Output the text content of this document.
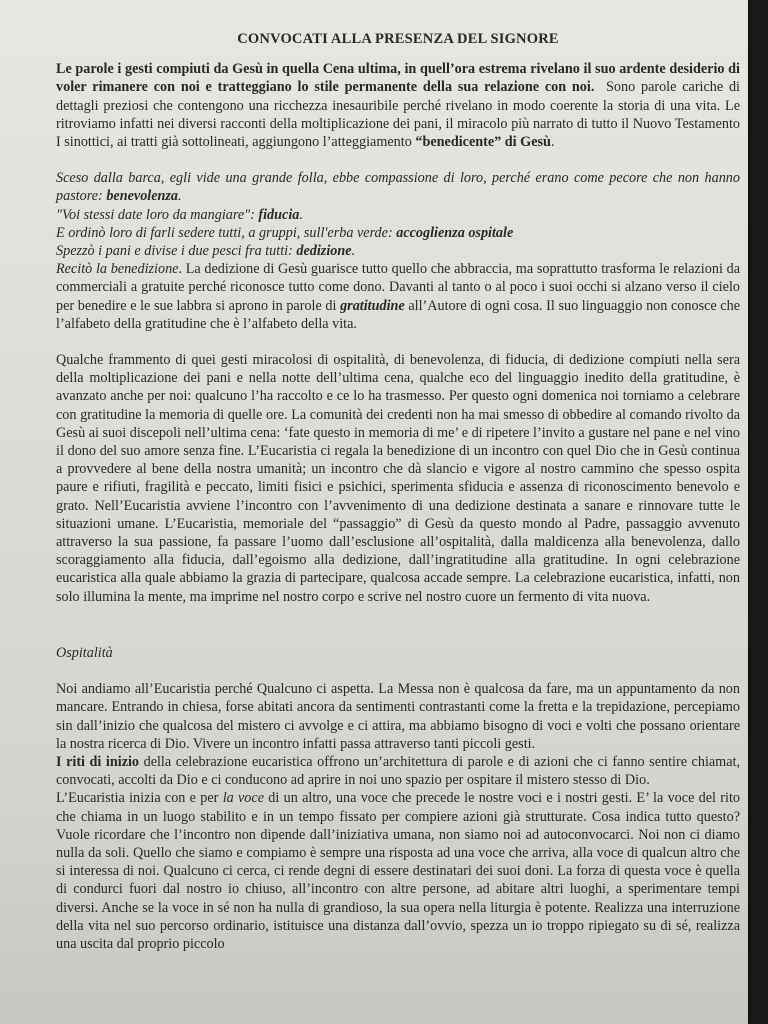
CONVOCATI ALLA PRESENZA DEL SIGNORE

Le parole i gesti compiuti da Gesù in quella Cena ultima, in quell’ora estrema rivelano il suo ardente desiderio di voler rimanere con noi e tratteggiano lo stile permanente della sua relazione con noi. Sono parole cariche di dettagli preziosi che contengono una ricchezza inesauribile perché rivelano in modo coerente la storia di una vita. Le ritroviamo infatti nei diversi racconti della moltiplicazione dei pani, il miracolo più narrato di tutto il Nuovo Testamento I sinottici, ai tratti già sottolineati, aggiungono l’atteggiamento “benedicente” di Gesù.

Sceso dalla barca, egli vide una grande folla, ebbe compassione di loro, perché erano come pecore che non hanno pastore: benevolenza.

"Voi stessi date loro da mangiare": fiducia.

E ordinò loro di farli sedere tutti, a gruppi, sull'erba verde: accoglienza ospitale

Spezzò i pani e divise i due pesci fra tutti: dedizione.

Recitò la benedizione. La dedizione di Gesù guarisce tutto quello che abbraccia, ma soprattutto trasforma le relazioni da commerciali a gratuite perché riconosce tutto come dono. Davanti al tanto o al poco i suoi occhi si alzano verso il cielo per benedire e le sue labbra si aprono in parole di gratitudine all’Autore di ogni cosa. Il suo linguaggio non conosce che l’alfabeto della gratitudine che è l’alfabeto della vita.

Qualche frammento di quei gesti miracolosi di ospitalità, di benevolenza, di fiducia, di dedizione compiuti nella sera della moltiplicazione dei pani e nella notte dell’ultima cena, qualche eco del linguaggio inedito della gratitudine, è avanzato anche per noi: qualcuno l’ha raccolto e ce lo ha trasmesso. Per questo ogni domenica noi torniamo a celebrare con gratitudine la memoria di quelle ore. La comunità dei credenti non ha mai smesso di obbedire al comando rivolto da Gesù ai suoi discepoli nell’ultima cena: ‘fate questo in memoria di me’ e di ripetere l’invito a gustare nel pane e nel vino il dono del suo amore senza fine. L’Eucaristia ci regala la benedizione di un incontro con quel Dio che in Gesù continua a provvedere al bene della nostra umanità; un incontro che dà slancio e vigore al nostro cammino che spesso ospita paure e rifiuti, fragilità e peccato, limiti fisici e psichici, sperimenta sfiducia e assenza di riconoscimento benevolo e grato. Nell’Eucaristia avviene l’incontro con l’avvenimento di una dedizione destinata a sanare e rinnovare tutte le situazioni umane. L’Eucaristia, memoriale del “passaggio” di Gesù da questo mondo al Padre, passaggio avvenuto attraverso la sua passione, fa passare l’uomo dall’esclusione all’ospitalità, dalla maldicenza alla benevolenza, dallo scoraggiamento alla fiducia, dall’egoismo alla dedizione, dall’ingratitudine alla gratitudine. In ogni celebrazione eucaristica alla quale abbiamo la grazia di partecipare, qualcosa accade sempre. La celebrazione eucaristica, infatti, non solo illumina la mente, ma imprime nel nostro corpo e scrive nel nostro cuore un fermento di vita nuova.

Ospitalità

Noi andiamo all’Eucaristia perché Qualcuno ci aspetta. La Messa non è qualcosa da fare, ma un appuntamento da non mancare. Entrando in chiesa, forse abitati ancora da sentimenti contrastanti come la fretta e la trepidazione, percepiamo sin dall’inizio che qualcosa del mistero ci avvolge e ci attira, ma abbiamo bisogno di voci e volti che possano orientare la nostra ricerca di Dio. Vivere un incontro infatti passa attraverso tanti piccoli gesti.

I riti di inizio della celebrazione eucaristica offrono un’architettura di parole e di azioni che ci fanno sentire chiamat, convocati, accolti da Dio e ci conducono ad aprire in noi uno spazio per ospitare il mistero stesso di Dio.

L’Eucaristia inizia con e per la voce di un altro, una voce che precede le nostre voci e i nostri gesti. E’ la voce del rito che chiama in un luogo stabilito e in un tempo fissato per compiere azioni già strutturate. Cosa indica tutto questo? Vuole ricordare che l’incontro non dipende dall’iniziativa umana, non siamo noi ad autoconvocarci. Noi non ci diamo nulla da soli. Quello che siamo e compiamo è sempre una risposta ad una voce che arriva, alla voce di qualcun altro che si interessa di noi. Qualcuno ci cerca, ci rende degni di essere destinatari dei suoi doni. La forza di questa voce è quella di condurci fuori dal nostro io chiuso, all’incontro con altre persone, ad abitare altri luoghi, a sperimentare tempi diversi. Anche se la voce in sé non ha nulla di grandioso, la sua opera nella liturgia è potente. Realizza una interruzione della vita nel suo percorso ordinario, istituisce una distanza dall’ovvio, spezza un io troppo ripiegato su di sé, realizza una uscita dal proprio piccolo
